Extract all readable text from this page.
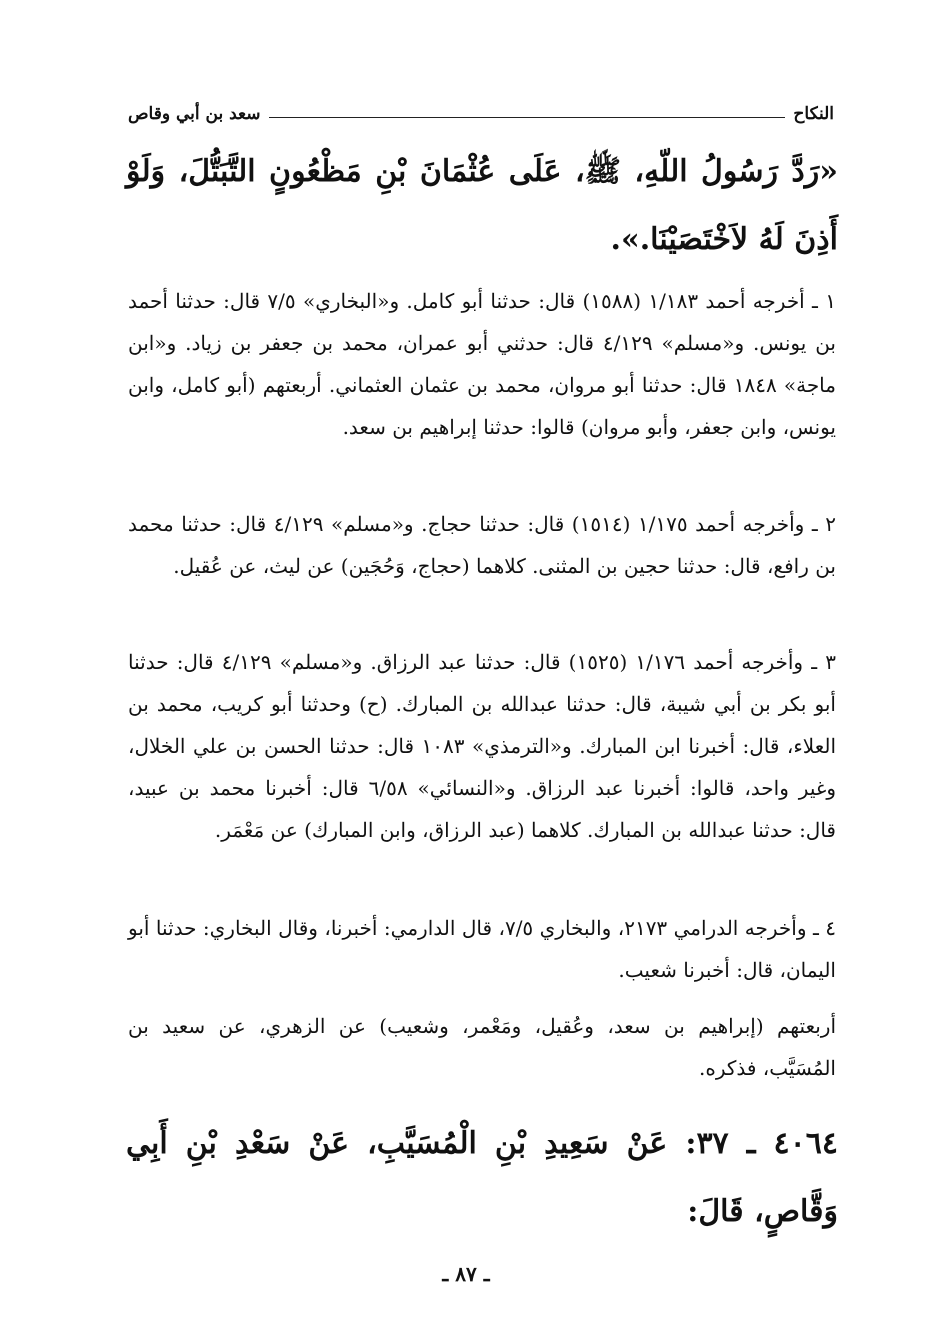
النكاح
سعد بن أبي وقاص
«رَدَّ رَسُولُ اللّهِ، ﷺ، عَلَى عُثْمَانَ بْنِ مَظْعُونٍ التَّبَتُّلَ، وَلَوْ أَذِنَ لَهُ لاَخْتَصَيْنَا.».
١ ـ أخرجه أحمد ١/١٨٣ (١٥٨٨) قال: حدثنا أبو كامل. و«البخاري» ٧/٥ قال: حدثنا أحمد بن يونس. و«مسلم» ٤/١٢٩ قال: حدثني أبو عمران، محمد بن جعفر بن زياد. و«ابن ماجة» ١٨٤٨ قال: حدثنا أبو مروان، محمد بن عثمان العثماني. أربعتهم (أبو كامل، وابن يونس، وابن جعفر، وأبو مروان) قالوا: حدثنا إبراهيم بن سعد.
٢ ـ وأخرجه أحمد ١/١٧٥ (١٥١٤) قال: حدثنا حجاج. و«مسلم» ٤/١٢٩ قال: حدثنا محمد بن رافع، قال: حدثنا حجين بن المثنى. كلاهما (حجاج، وَحُجَين) عن ليث، عن عُقيل.
٣ ـ وأخرجه أحمد ١/١٧٦ (١٥٢٥) قال: حدثنا عبد الرزاق. و«مسلم» ٤/١٢٩ قال: حدثنا أبو بكر بن أبي شيبة، قال: حدثنا عبدالله بن المبارك. (ح) وحدثنا أبو كريب، محمد بن العلاء، قال: أخبرنا ابن المبارك. و«الترمذي» ١٠٨٣ قال: حدثنا الحسن بن علي الخلال، وغير واحد، قالوا: أخبرنا عبد الرزاق. و«النسائي» ٦/٥٨ قال: أخبرنا محمد بن عبيد، قال: حدثنا عبدالله بن المبارك. كلاهما (عبد الرزاق، وابن المبارك) عن مَعْمَر.
٤ ـ وأخرجه الدرامي ٢١٧٣، والبخاري ٧/٥، قال الدارمي: أخبرنا، وقال البخاري: حدثنا أبو اليمان، قال: أخبرنا شعيب.
أربعتهم (إبراهيم بن سعد، وعُقيل، ومَعْمر، وشعيب) عن الزهري، عن سعيد بن المُسَيَّب، فذكره.
٤٠٦٤ ـ ٣٧: عَنْ سَعِيدِ بْنِ الْمُسَيَّبِ، عَنْ سَعْدِ بْنِ أَبِي وَقَّاصٍ، قَالَ:
ـ ٨٧ ـ
